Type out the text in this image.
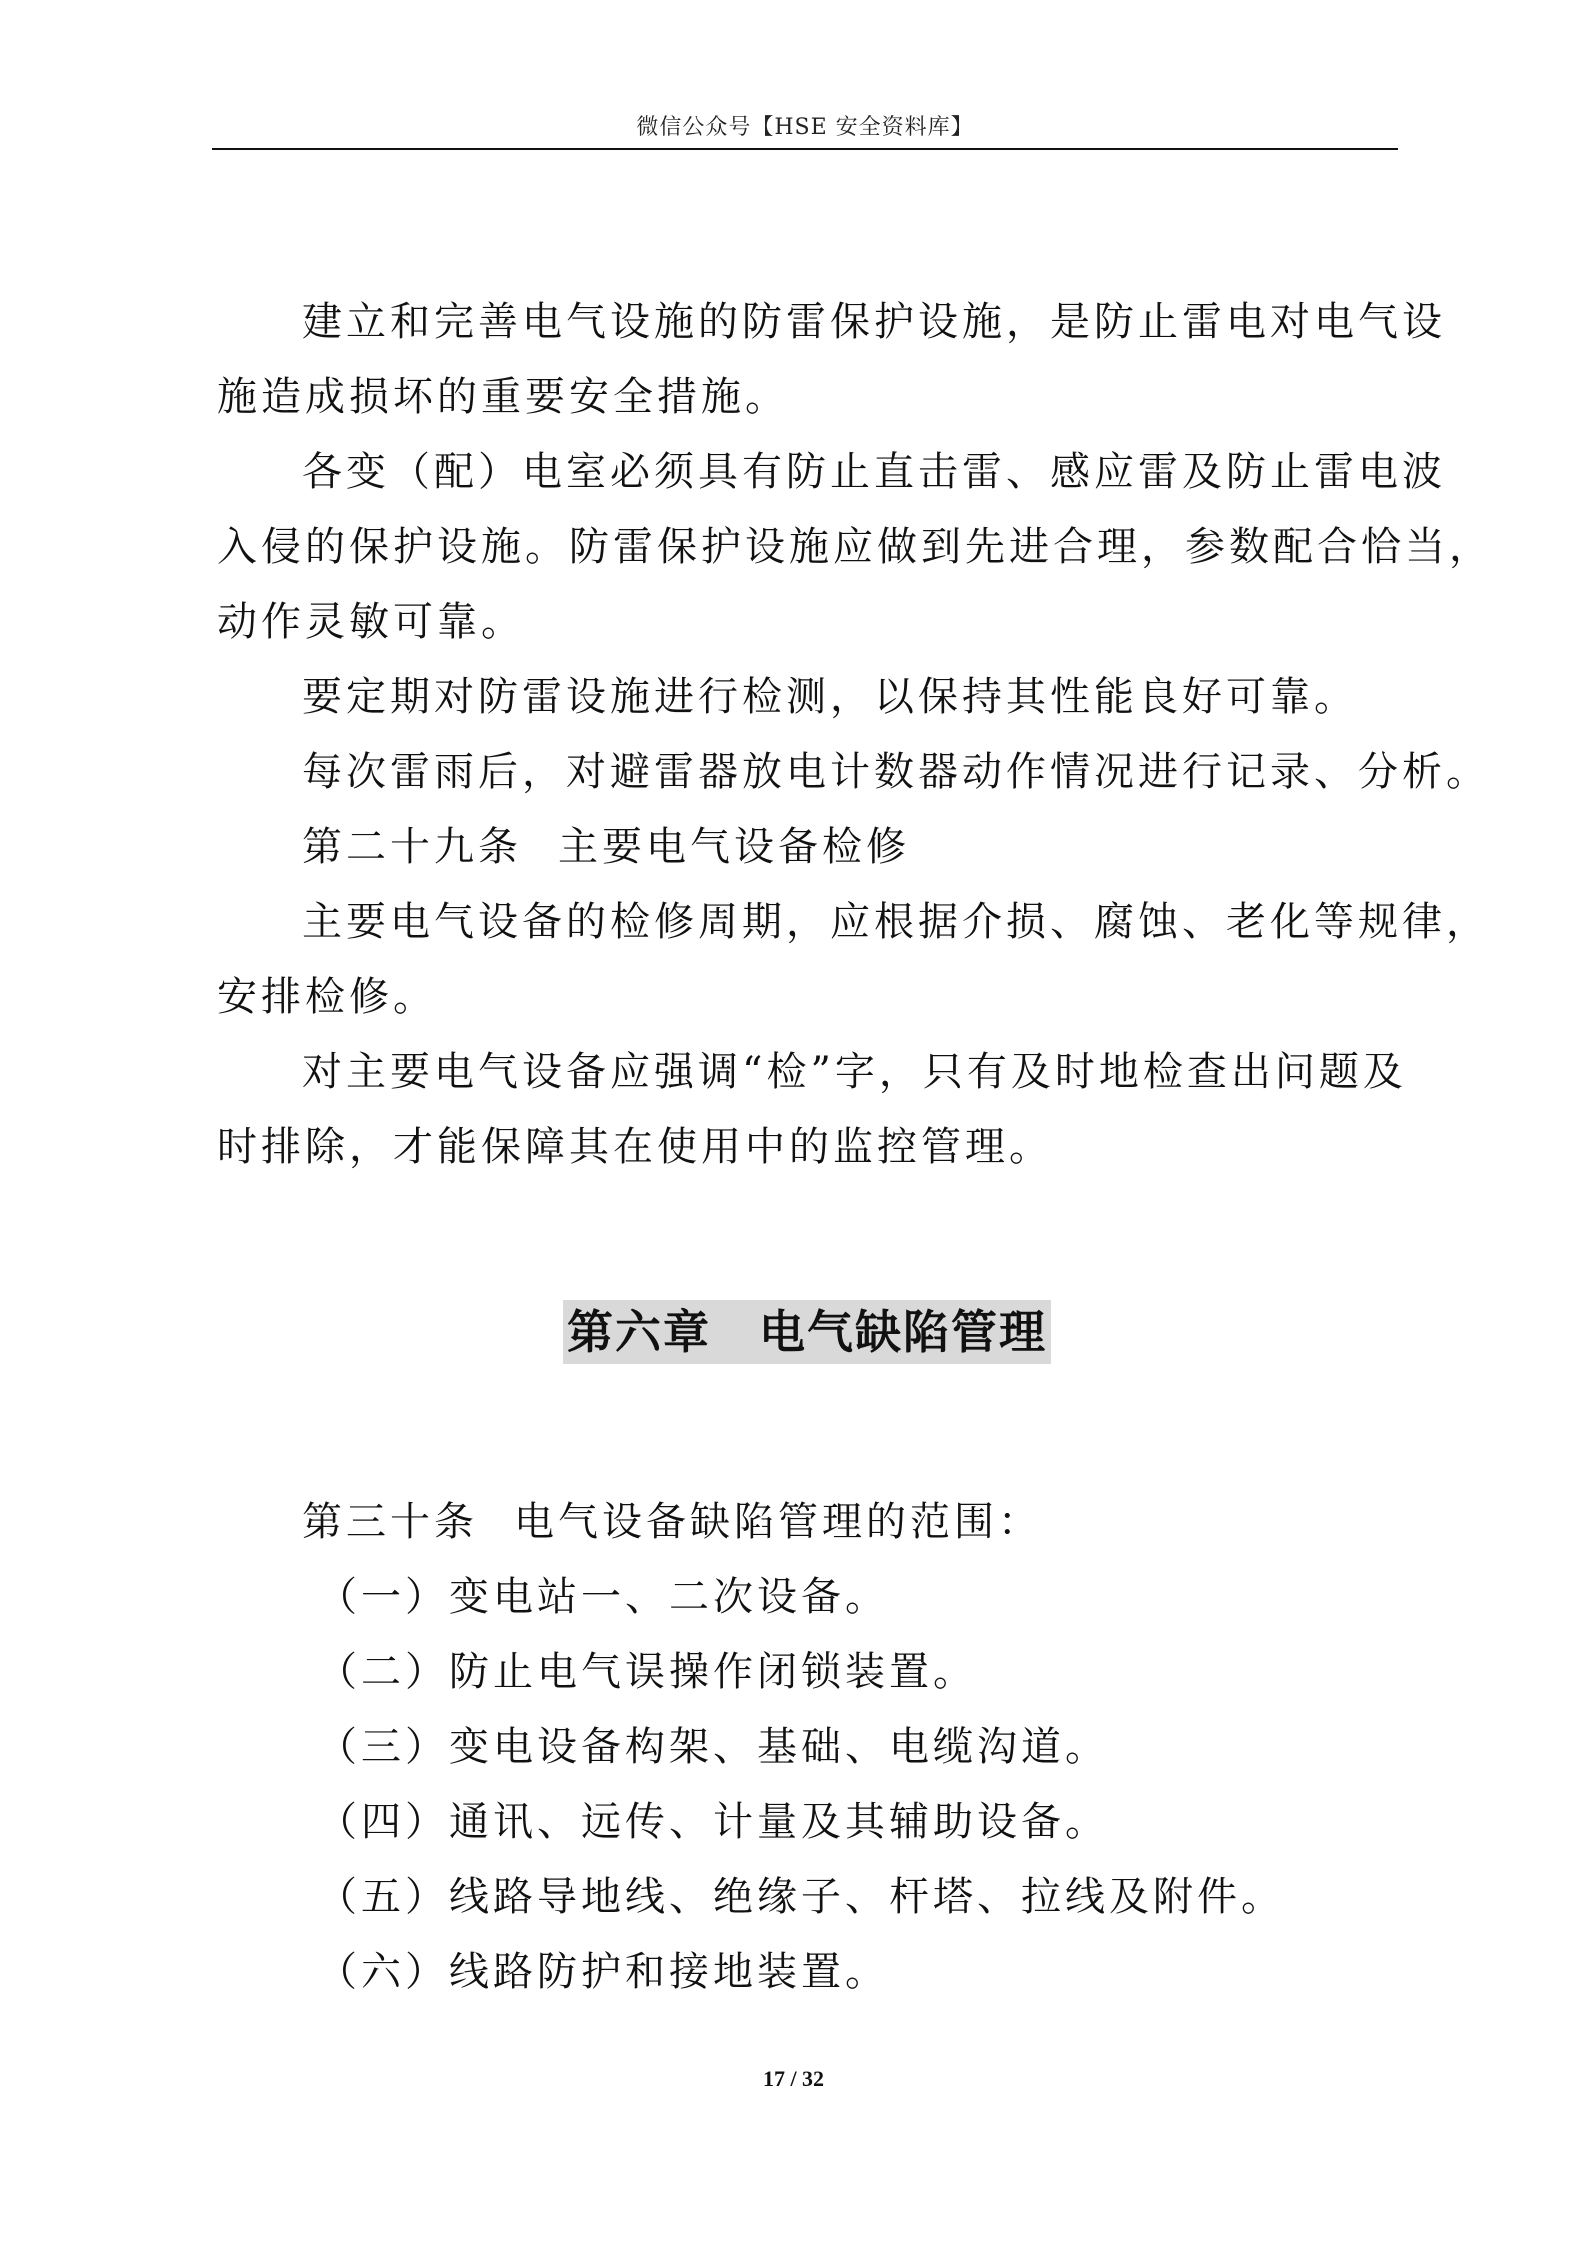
微信公众号【HSE 安全资料库】

建立和完善电气设施的防雷保护设施，是防止雷电对电气设

施造成损坏的重要安全措施。

各变（配）电室必须具有防止直击雷、感应雷及防止雷电波

入侵的保护设施。防雷保护设施应做到先进合理，参数配合恰当，

动作灵敏可靠。

要定期对防雷设施进行检测，以保持其性能良好可靠。

每次雷雨后，对避雷器放电计数器动作情况进行记录、分析。

第二十九条 主要电气设备检修

主要电气设备的检修周期，应根据介损、腐蚀、老化等规律，

安排检修。

对主要电气设备应强调“检”字，只有及时地检查出问题及

时排除，才能保障其在使用中的监控管理。

第六章　电气缺陷管理

第三十条 电气设备缺陷管理的范围：

（一）变电站一、二次设备。

（二）防止电气误操作闭锁装置。

（三）变电设备构架、基础、电缆沟道。

（四）通讯、远传、计量及其辅助设备。

（五）线路导地线、绝缘子、杆塔、拉线及附件。

（六）线路防护和接地装置。

17 / 32
